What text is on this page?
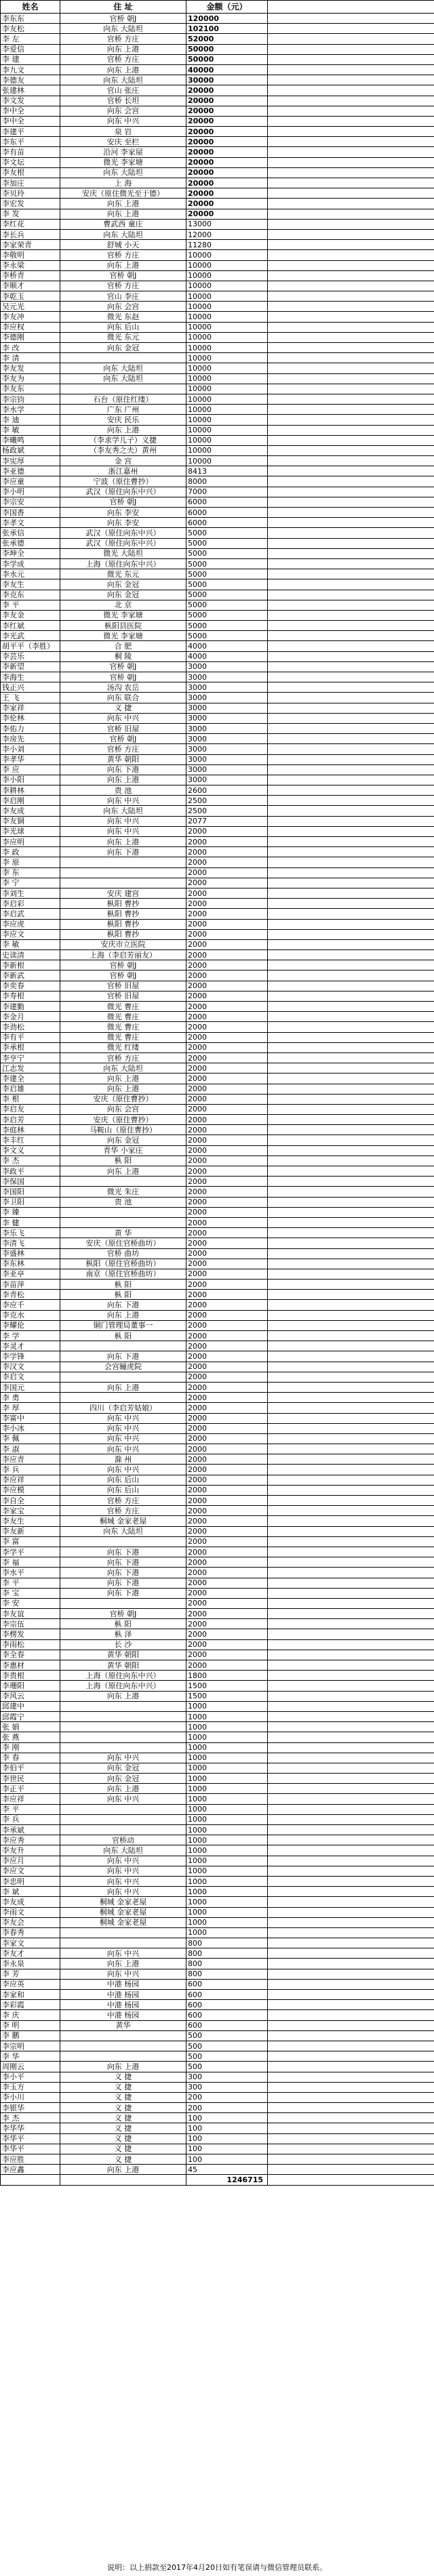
姓名	住 址	金额（元）	
李东东	官桥 朝J	120000	
李友松	向东 大陆坦	102100	
李 左	官桥 方庄	52000	
李爱信	向东 上港	50000	
李 建	官桥 方庄	50000	
李九文	向东 上港	40000	
李德友	向东 大陆坦	30000	
张建林	官山 张庄	20000	
李文发	官桥 长坦	20000	
李中全	向东 会宫	20000	
李中全	向东 中兴	20000	
李建平	泉 岩	20000	
李东平	安庆 至栏	20000	
李有苗	沿河 李家屋	20000	
李文坛	微光 李家塘	20000	
李友根	向东 大陆坦	20000	
李加庄	上 海	20000	
李贝玲	安庆（原住微光至于德）	20000	
李宏发	向东 上港	20000	
李 发	向东 上港	20000	
李红花	曹武西 童庄	13000	
李长兵	向东 大陆坦	12000	
李家荣青	舒城 小天	11280	
李敬明	官桥 方庄	10000	
李永梁	向东 上港	10000	
李桥青	官桥 朝J	10000	
李顺才	官桥 方庄	10000	
李乾玉	官山 李庄	10000	
吴元光	向东 会宫	10000	
李友冲	微光 东赵	10000	
李应权	向东 后山	10000	
李德刚	微光 东元	10000	
李 改	向东 金冠	10000	
李 清		10000	
李友发	向东 大陆坦	10000	
李友为	向东 大陆坦	10000	
李友东		10000	
李宗钧	石台（原住红缕）	10000	
李水学	广东 广州	10000	
李 迪	安庆 民乐	10000	
李 敏	向东 上港	10000	
李曦鸣	（李求学儿子）义捷	10000	
杨政斌	（李友秀之夫）黄州	10000	
李宪厚	金 宫	10000	
李亚德	浙江嘉州	8413	
李应童	宁波（原住曹抄）	8000	
李小明	武汉（原住向东中兴）	7000	
李宗安	官桥 朝J	6000	
李国香	向东 李安	6000	
李孝文	向东 李安	6000	
张承信	武汉（原住向东中兴）	5000	
张承德	武汉（原住向东中兴）	5000	
李坤全	微光 大陆坦	5000	
李学成	上海（原住向东中兴）	5000	
李水元	微光 东元	5000	
李友生	向东 金冠	5000	
李克东	向东 金冠	5000	
李 平	北 京	5000	
李友金	微光 李家塘	5000	
李红斌	枞阳县医院	5000	
李光武	微光 李家塘	5000	
胡平平（李胜）	合 肥	4000	
李芸乐	桐 陵	4000	
李新望	官桥 朝J	3000	
李海生	官桥 朝J	3000	
钱正兴	汤沟 农岳	3000	
王 飞	向东 联合	3000	
李家祥	义 捷	3000	
李伦林	向东 中兴	3000	
李佑力	官桥 旧屋	3000	
李房先	官桥 朝J	3000	
李小刘	官桥 方庄	3000	
李孝华	黄华 朝阳	3000	
李 应	向东 下港	3000	
李小阳	向东 上港	3000	
李耕林	贵 池	2600	
李启刚	向东 中兴	2500	
李友成	向东 大陆坦	2500	
李友铜	向东 中兴	2077	
李光球	向东 中兴	2000	
李应明	向东 上港	2000	
李 政	向东 下港	2000	
李 原		2000	
李 东		2000	
李 宁		2000	
李刘生	安庆 建宫	2000	
李启彩	枞阳 曹抄	2000	
李启武	枞阳 曹抄	2000	
李应虎	枞阳 曹抄	2000	
李应文	枞阳 曹抄	2000	
李 敏	安庆市立医院	2000	
史读清	上海（李启芳丽友）	2000	
李新根	官桥 朝J	2000	
李新武	官桥 朝J	2000	
李奕春	官桥 旧屋	2000	
李寿根	官桥 旧屋	2000	
李建勤	微光 曹庄	2000	
李金月	微光 曹庄	2000	
李劲松	微光 曹庄	2000	
李有平	微光 曹庄	2000	
李承根	微光 红缕	2000	
李亨宁	官桥 方庄	2000	
江志发	向东 大陆坦	2000	
李建全	向东 上港	2000	
李启雄	向东 上港	2000	
李 根	安庆（原住曹抄）	2000	
李启友	向东 会宫	2000	
李启芳	安庆（原住曹抄）	2000	
李庭林	马鞍山（原住曹抄）	2000	
李丰红	向东 金冠	2000	
李文义	青华 小家庄	2000	
李 杰	枞 阳	2000	
李政平	向东 上港	2000	
李保国		2000	
李国阳	微光 朱庄	2000	
李卫阳	贵 池	2000	
李 臻		2000	
李 健		2000	
李乐飞	黄 华	2000	
李清飞	安庆（原住官桥曲坊）	2000	
李盛林	官桥 曲坊	2000	
李东林	枞阳（原住官桥曲坊）	2000	
李亚亭	南京（原住官桥曲坊）	2000	
李苗萍	枞 阳	2000	
李青松	枞 阳	2000	
李应千	向东 下港	2000	
李克水	向东 上港	2000	
李耀伦	铜门管理局董事一	2000	
李 学	枞 阳	2000	
李灵才		2000	
李学锋	向东 下港	2000	
李汉文	会宫瞳虎院	2000	
李启文		2000	
李国元	向东 上港	2000	
李 勇		2000	
李 厚	四川（李启芳姑娘）	2000	
李富中	向东 中兴	2000	
李小冰	向东 中兴	2000	
李 佩	向东 中兴	2000	
李 淑	向东 中兴	2000	
李应青	滁 州	2000	
李 兵	向东 中兴	2000	
李应祥	向东 后山	2000	
李应模	向东 后山	2000	
李自全	官桥 方庄	2000	
李家宝	官桥 方庄	2000	
李友生	桐城 金家老屋	2000	
李友新	向东 大陆坦	2000	
李 富		2000	
李学平	向东 下港	2000	
李 福	向东 下港	2000	
李水平	向东 下港	2000	
李 平	向东 下港	2000	
李 宝	向东 下港	2000	
李 安		2000	
李友谊	官桥 朝J	2000	
李宗伍	枞 阳	2000	
李楞发	枞 泽	2000	
李雨松	长 沙	2000	
李全春	黄华 朝阳	2000	
李惠材	黄华 朝阳	2000	
李贵根	上海（原住向东中兴）	1800	
李珊阳	上海（原住向东中兴）	1500	
李风云	向东 上港	1500	
邱建中		1000	
邱霞宁		1000	
张 娟		1000	
张 燕		1000	
李 刚		1000	
李 春	向东 中兴	1000	
李伯平	向东 金冠	1000	
李世民	向东 金冠	1000	
李正平	向东 上港	1000	
李应祥	向东 中兴	1000	
李 平		1000	
李 兵		1000	
李承斌		1000	
李应秀	官桥动	1000	
李友升	向东 大陆坦	1000	
李应月	向东 中兴	1000	
李应文	向东 中兴	1000	
李忠明	向东 中兴	1000	
李 斌	向东 中兴	1000	
李友成	桐城 金家老屋	1000	
李雨文	桐城 金家老屋	1000	
李友会	桐城 金家老屋	1000	
李春秀		1000	
李家文		800	
李友才	向东 中兴	800	
李永泉	向东 上港	800	
李 芳	向东 中兴	800	
李应英	中港 杨园	600	
李家和	中港 杨园	600	
李彩霞	中港 杨园	600	
李 庆	中港 杨园	600	
李 明	黄华	600	
李 鹏		500	
李宗明		500	
李 华		500	
周刚云	向东 上港	500	
李小平	义 捷	300	
李玉方	义 捷	300	
李小川	义 捷	200	
李银华	义 捷	200	
李 杰	义 捷	100	
李华华	义 捷	100	
李华平	义 捷	100	
李华平	义 捷	100	
李应胜	义 捷	100	
李应鑫	向东 上港	45	
		1246715	
说明：以上捐款至2017年4月20日如有笔误请与微信管理员联系。
